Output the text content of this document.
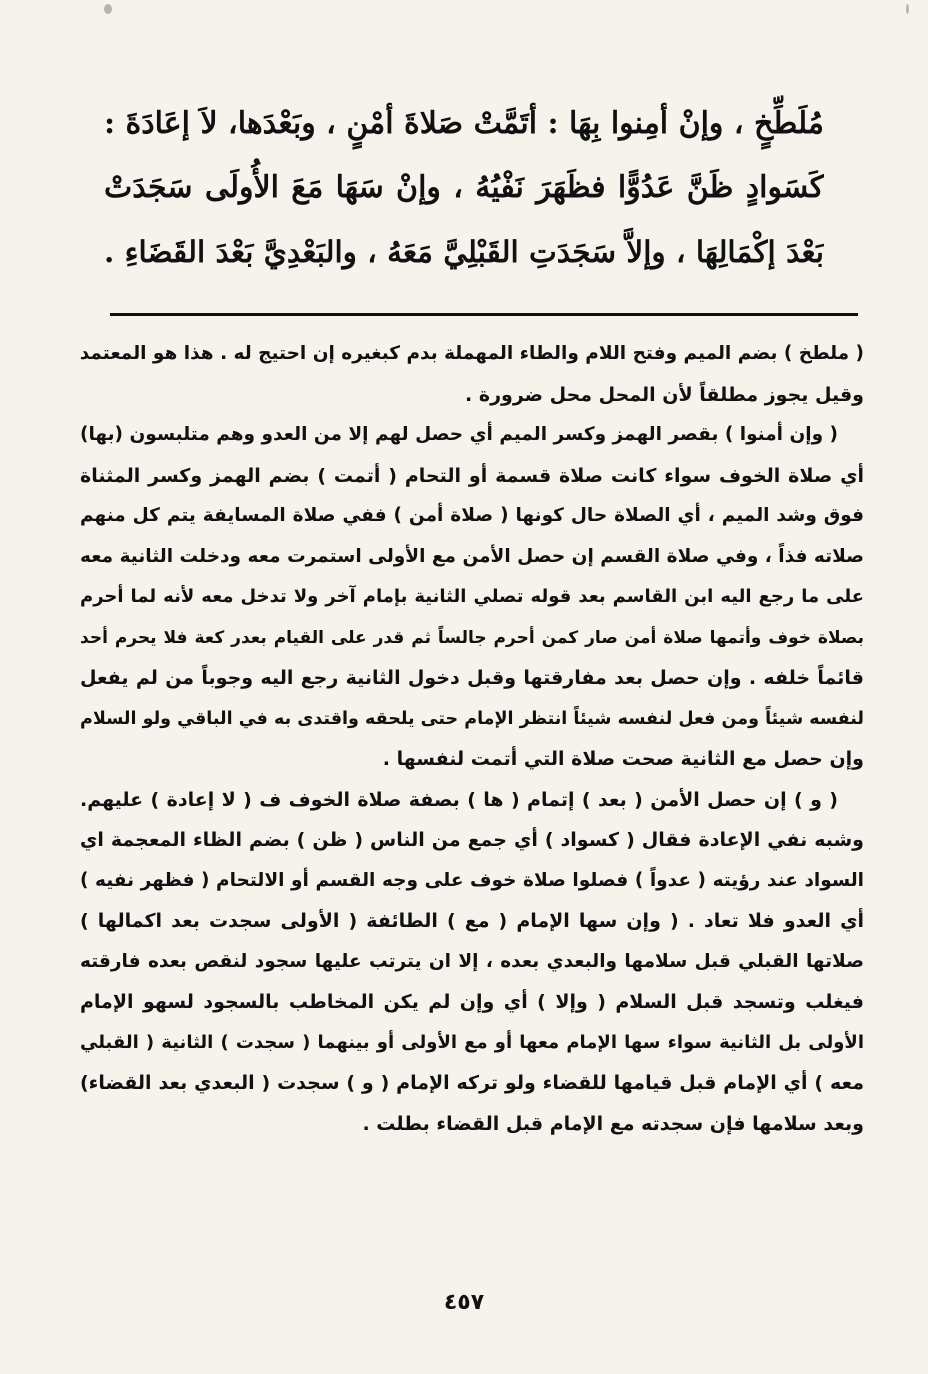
مُلَطِّخٍ ، وإنْ أمِنوا بِهَا : أتَمَّتْ صَلاةَ أمْنٍ ، وبَعْدَها، لاَ إعَادَةَ :
كَسَوادٍ ظَنَّ عَدُوًّا فظَهَرَ نَفْيُهُ ، وإنْ سَهَا مَعَ الأُولَى سَجَدَتْ
بَعْدَ إكْمَالِهَا ، وإلاَّ سَجَدَتِ القَبْلِيَّ مَعَهُ ، والبَعْدِيَّ بَعْدَ القَضَاءِ .
( ملطخ ) بضم الميم وفتح اللام والطاء المهملة بدم كبغيره إن احتيج له . هذا هو المعتمد
وقيل يجوز مطلقاً لأن المحل محل ضرورة .
( وإن أمنوا ) بقصر الهمز وكسر الميم أي حصل لهم إلا من العدو وهم متلبسون (بها)
أي صلاة الخوف سواء كانت صلاة قسمة أو التحام ( أتمت ) بضم الهمز وكسر المثناة
فوق وشد الميم ، أي الصلاة حال كونها ( صلاة أمن ) ففي صلاة المسايفة يتم كل منهم
صلاته فذاً ، وفي صلاة القسم إن حصل الأمن مع الأولى استمرت معه ودخلت الثانية معه
على ما رجع اليه ابن القاسم بعد قوله تصلي الثانية بإمام آخر ولا تدخل معه لأنه لما أحرم
بصلاة خوف وأتمها صلاة أمن صار كمن أحرم جالساً ثم قدر على القيام بعدر كعة فلا يحرم أحد
قائماً خلفه . وإن حصل بعد مفارقتها وقبل دخول الثانية رجع اليه وجوباً من لم يفعل
لنفسه شيئاً ومن فعل لنفسه شيئاً انتظر الإمام حتى يلحقه واقتدى به في الباقي ولو السلام
وإن حصل مع الثانية صحت صلاة التي أتمت لنفسها .
( و ) إن حصل الأمن ( بعد ) إتمام ( ها ) بصفة صلاة الخوف ف ( لا إعادة ) عليهم.
وشبه نفي الإعادة فقال ( كسواد ) أي جمع من الناس ( ظن ) بضم الظاء المعجمة اي
السواد عند رؤيته ( عدواً ) فصلوا صلاة خوف على وجه القسم أو الالتحام ( فظهر نفيه )
أي العدو فلا تعاد . ( وإن سها الإمام ( مع ) الطائفة ( الأولى سجدت بعد اكمالها )
صلاتها القبلي قبل سلامها والبعدي بعده ، إلا ان يترتب عليها سجود لنقص بعده فارقته
فيغلب وتسجد قبل السلام ( وإلا ) أي وإن لم يكن المخاطب بالسجود لسهو الإمام
الأولى بل الثانية سواء سها الإمام معها أو مع الأولى أو بينهما ( سجدت ) الثانية ( القبلي
معه ) أي الإمام قبل قيامها للقضاء ولو تركه الإمام ( و ) سجدت ( البعدي بعد القضاء)
وبعد سلامها فإن سجدته مع الإمام قبل القضاء بطلت .
٤٥٧
